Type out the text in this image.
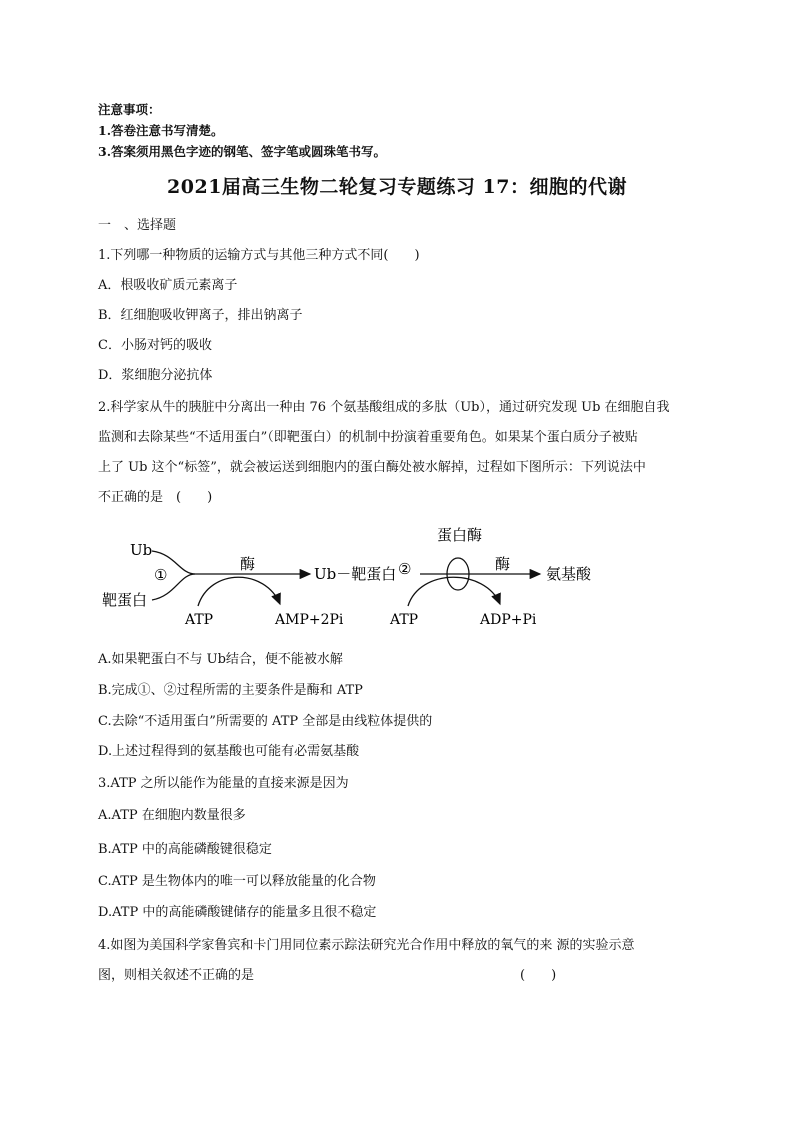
注意事项：
1.答卷注意书写清楚。
3.答案须用黑色字迹的钢笔、签字笔或圆珠笔书写。
2021届高三生物二轮复习专题练习 17：细胞的代谢
一　、选择题
1.下列哪一种物质的运输方式与其他三种方式不同(　　)
A．根吸收矿质元素离子
B．红细胞吸收钾离子，排出钠离子
C．小肠对钙的吸收
D．浆细胞分泌抗体
2.科学家从牛的胰脏中分离出一种由 76 个氨基酸组成的多肽（Ub），通过研究发现 Ub 在细胞自我
监测和去除某些“不适用蛋白”（即靶蛋白）的机制中扮演着重要角色。如果某个蛋白质分子被贴
上了 Ub 这个“标签”，就会被运送到细胞内的蛋白酶处被水解掉，过程如下图所示：下列说法中
不正确的是　(　　)
Ub
靶蛋白
①
酶
ATP	AMP+2Pi
Ub－靶蛋白 ②
蛋白酶
酶
氨基酸
ATP	ADP+Pi
A.如果靶蛋白不与 Ub结合，便不能被水解
B.完成①、②过程所需的主要条件是酶和 ATP
C.去除“不适用蛋白”所需要的 ATP 全部是由线粒体提供的
D.上述过程得到的氨基酸也可能有必需氨基酸
3.ATP 之所以能作为能量的直接来源是因为
A.ATP 在细胞内数量很多
B.ATP 中的高能磷酸键很稳定
C.ATP 是生物体内的唯一可以释放能量的化合物
D.ATP 中的高能磷酸键储存的能量多且很不稳定
4.如图为美国科学家鲁宾和卡门用同位素示踪法研究光合作用中释放的氧气的来 源的实验示意
图，则相关叙述不正确的是	(　　)
